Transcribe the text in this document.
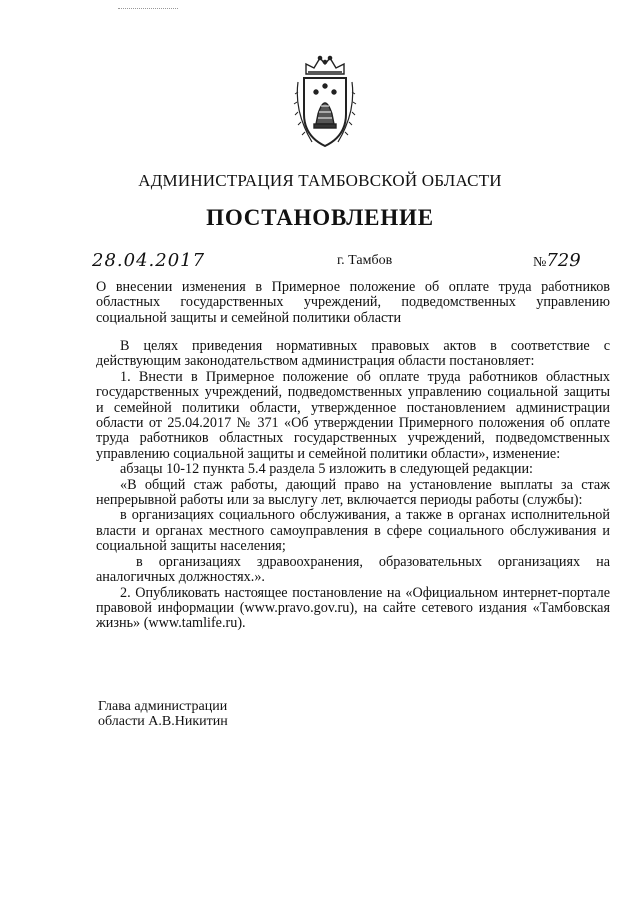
АДМИНИСТРАЦИЯ ТАМБОВСКОЙ ОБЛАСТИ
ПОСТАНОВЛЕНИЕ
28.04.2017	г. Тамбов	№729
О внесении изменения в Примерное положение об оплате труда работников областных государственных учреждений, подведомственных управлению социальной защиты и семейной политики области

В целях приведения нормативных правовых актов в соответствие с действующим законодательством администрация области постановляет:

1. Внести в Примерное положение об оплате труда работников областных государственных учреждений, подведомственных управлению социальной защиты и семейной политики области, утвержденное постановлением администрации области от 25.04.2017 № 371 «Об утверждении Примерного положения об оплате труда работников областных государственных учреждений, подведомственных управлению социальной защиты и семейной политики области», изменение:

абзацы 10-12 пункта 5.4 раздела 5 изложить в следующей редакции:

«В общий стаж работы, дающий право на установление выплаты за стаж непрерывной работы или за выслугу лет, включается периоды работы (службы):

в организациях социального обслуживания, а также в органах исполнительной власти и органах местного самоуправления в сфере социального обслуживания и социальной защиты населения;

в организациях здравоохранения, образовательных организациях на аналогичных должностях.».

2. Опубликовать настоящее постановление на «Официальном интернет-портале правовой информации (www.pravo.gov.ru), на сайте сетевого издания «Тамбовская жизнь» (www.tamlife.ru).

Глава администрации
области А.В.Никитин
